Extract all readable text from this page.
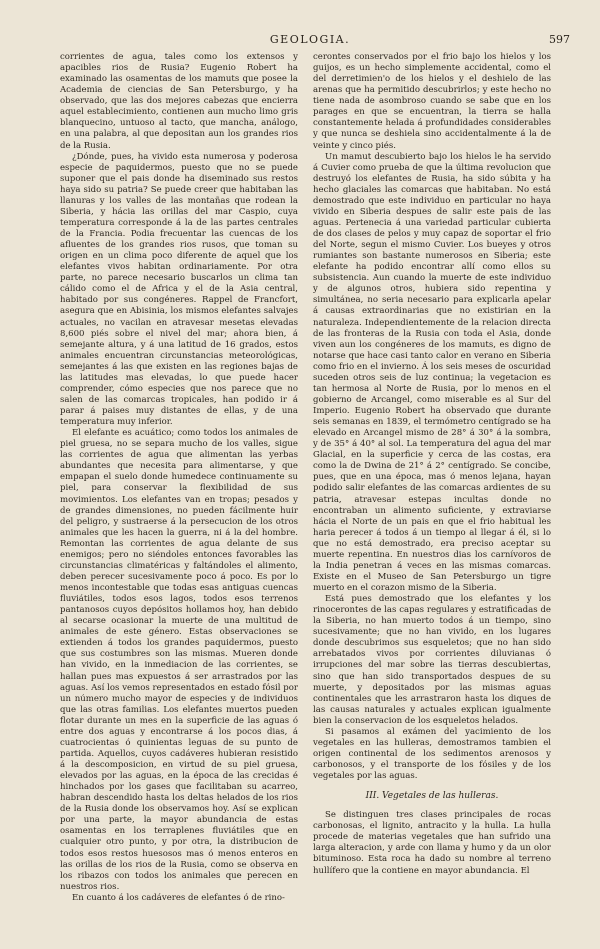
GEOLOGIA.	597

corrientes de agua, tales como los extensos y apacibles rios de Rusia? Eugenio Robert ha examinado las osamentas de los mamuts que posee la Academia de ciencias de San Petersburgo, y ha observado, que las dos mejores cabezas que encierra aquel establecimiento, contienen aun mucho limo gris blanquecino, untuoso al tacto, que mancha, análogo, en una palabra, al que depositan aun los grandes rios de la Rusia.

¿Dónde, pues, ha vivido esta numerosa y poderosa especie de paquidermos, puesto que no se puede suponer que el pais donde ha diseminado sus restos haya sido su patria? Se puede creer que habitaban las llanuras y los valles de las montañas que rodean la Siberia, y hácia las orillas del mar Caspio, cuya temperatura corresponde á la de las partes centrales de la Francia. Podia frecuentar las cuencas de los afluentes de los grandes rios rusos, que toman su origen en un clima poco diferente de aquel que los elefantes vivos habitan ordinariamente. Por otra parte, no parece necesario buscarlos un clima tan cálido como el de Africa y el de la Asia central, habitado por sus congéneres. Rappel de Francfort, asegura que en Abisinia, los mismos elefantes salvajes actuales, no vacilan en atravesar mesetas elevadas 8,600 piés sobre el nivel del mar; ahora bien, á semejante altura, y á una latitud de 16 grados, estos animales encuentran circunstancias meteorológicas, semejantes á las que existen en las regiones bajas de las latitudes mas elevadas, lo que puede hacer comprender, cómo especies que nos parece que no salen de las comarcas tropicales, han podido ir á parar á paises muy distantes de ellas, y de una temperatura muy inferior.

El elefante es acuático; como todos los animales de piel gruesa, no se separa mucho de los valles, sigue las corrientes de agua que alimentan las yerbas abundantes que necesita para alimentarse, y que empapan el suelo donde humedece continuamente su piel, para conservar la flexibilidad de sus movimientos. Los elefantes van en tropas; pesados y de grandes dimensiones, no pueden fácilmente huir del peligro, y sustraerse á la persecucion de los otros animales que les hacen la guerra, ni á la del hombre. Remontan las corrientes de agua delante de sus enemigos; pero no siéndoles entonces favorables las circunstancias climatéricas y faltándoles el alimento, deben perecer sucesivamente poco á poco. Es por lo menos incontestable que todas esas antiguas cuencas fluviátiles, todos esos lagos, todos esos terrenos pantanosos cuyos depósitos hollamos hoy, han debido al secarse ocasionar la muerte de una multitud de animales de este género. Estas observaciones se extienden á todos los grandes paquidermos, puesto que sus costumbres son las mismas. Mueren donde han vivido, en la inmediacion de las corrientes, se hallan pues mas expuestos á ser arrastrados por las aguas. Así los vemos representados en estado fósil por un número mucho mayor de especies y de individuos que las otras familias. Los elefantes muertos pueden flotar durante un mes en la superficie de las aguas ó entre dos aguas y encontrarse á los pocos dias, á cuatrocientas ó quinientas leguas de su punto de partida. Aquellos, cuyos cadáveres hubieran resistido á la descomposicion, en virtud de su piel gruesa, elevados por las aguas, en la época de las crecidas é hinchados por los gases que facilitaban su acarreo, habran descendido hasta los deltas helados de los rios de la Rusia donde los observamos hoy. Así se explican por una parte, la mayor abundancia de estas osamentas en los terraplenes fluviátiles que en cualquier otro punto, y por otra, la distribucion de todos esos restos huesosos mas ó menos enteros en las orillas de los rios de la Rusia, como se observa en los ribazos con todos los animales que perecen en nuestros rios.

En cuanto á los cadáveres de elefantes ó de rino-

cerontes conservados por el frio bajo los hielos y los guijos, es un hecho simplemente accidental, como el del derretimien'o de los hielos y el deshielo de las arenas que ha permitido descubrirlos; y este hecho no tiene nada de asombroso cuando se sabe que en los parages en que se encuentran, la tierra se halla constantemente helada á profundidades considerables y que nunca se deshiela sino accidentalmente á la de veinte y cinco piés.

Un mamut descubierto bajo los hielos le ha servido á Cuvier como prueba de que la última revolucion que destruyó los elefantes de Rusia, ha sido súbita y ha hecho glaciales las comarcas que habitaban. No está demostrado que este individuo en particular no haya vivido en Siberia despues de salir este pais de las aguas. Pertenecia á una variedad particular cubierta de dos clases de pelos y muy capaz de soportar el frio del Norte, segun el mismo Cuvier. Los bueyes y otros rumiantes son bastante numerosos en Siberia; este elefante ha podido encontrar allí como ellos su subsistencia. Aun cuando la muerte de este individuo y de algunos otros, hubiera sido repentina y simultánea, no seria necesario para explicarla apelar á causas extraordinarias que no existirian en la naturaleza. Independientemente de la relacion directa de las fronteras de la Rusia con toda el Asia, donde viven aun los congéneres de los mamuts, es digno de notarse que hace casi tanto calor en verano en Siberia como frio en el invierno. Á los seis meses de oscuridad suceden otros seis de luz continua; la vegetacion es tan hermosa al Norte de Rusia, por lo menos en el gobierno de Arcangel, como miserable es al Sur del Imperio. Eugenio Robert ha observado que durante seis semanas en 1839, el termómetro centígrado se ha elevado en Arcangel mismo de 28° á 30° á la sombra, y de 35° á 40° al sol. La temperatura del agua del mar Glacial, en la superficie y cerca de las costas, era como la de Dwina de 21° á 2° centígrado. Se concibe, pues, que en una época, mas ó menos lejana, hayan podido salir elefantes de las comarcas ardientes de su patria, atravesar estepas incultas donde no encontraban un alimento suficiente, y extraviarse hácia el Norte de un pais en que el frio habitual les haria perecer á todos á un tiempo al llegar á él, si lo que no está demostrado, era preciso aceptar su muerte repentina. En nuestros dias los carnívoros de la India penetran á veces en las mismas comarcas. Existe en el Museo de San Petersburgo un tigre muerto en el corazon mismo de la Siberia.

Está pues demostrado que los elefantes y los rinocerontes de las capas regulares y estratificadas de la Siberia, no han muerto todos á un tiempo, sino sucesivamente; que no han vivido, en los lugares donde descubrimos sus esqueletos; que no han sido arrebatados vivos por corrientes diluvianas ó irrupciones del mar sobre las tierras descubiertas, sino que han sido transportados despues de su muerte, y depositados por las mismas aguas continentales que les arrastraron hasta los diques de las causas naturales y actuales explican igualmente bien la conservacion de los esqueletos helados.

Si pasamos al exámen del yacimiento de los vegetales en las hulleras, demostramos tambien el origen continental de los sedimentos arenosos y carbonosos, y el transporte de los fósiles y de los vegetales por las aguas.

III. Vegetales de las hulleras.

Se distinguen tres clases principales de rocas carbonosas, el lignito, antracito y la hulla. La hulla procede de materias vegetales que han sufrido una larga alteracion, y arde con llama y humo y da un olor bituminoso. Esta roca ha dado su nombre al terreno hullífero que la contiene en mayor abundancia. El
